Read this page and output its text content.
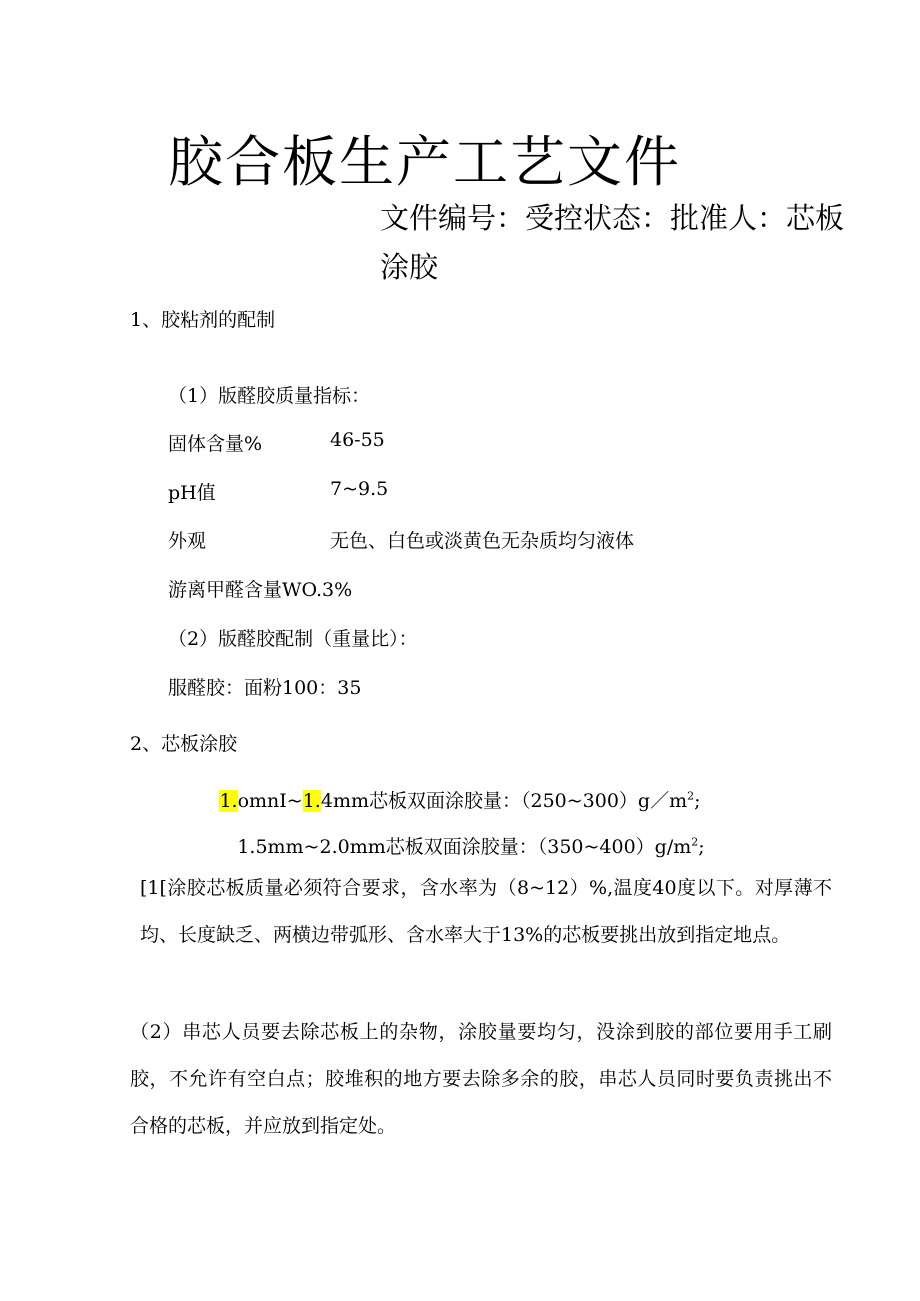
胶合板生产工艺文件
文件编号：受控状态：批准人：芯板
涂胶
1、胶粘剂的配制
（1）版醛胶质量指标：
固体含量%	46-55
pH值	7~9.5
外观	无色、白色或淡黄色无杂质均匀液体
游离甲醛含量WO.3%
（2）版醛胶配制（重量比）：
服醛胶：面粉100：35
2、芯板涂胶
1.omnI~1.4mm芯板双面涂胶量：$(250\sim 300)g/m^2$;
1.5mm~2.0mm芯板双面涂胶量：$(350\sim 400)g/m^2$;
[1[涂胶芯板质量必须符合要求，含水率为（8~12）%,温度40度以下。对厚薄不均、长度缺乏、两横边带弧形、含水率大于13%的芯板要挑出放到指定地点。
（2）串芯人员要去除芯板上的杂物，涂胶量要均匀，没涂到胶的部位要用手工刷胶，不允许有空白点；胶堆积的地方要去除多余的胶，串芯人员同时要负责挑出不合格的芯板，并应放到指定处。
